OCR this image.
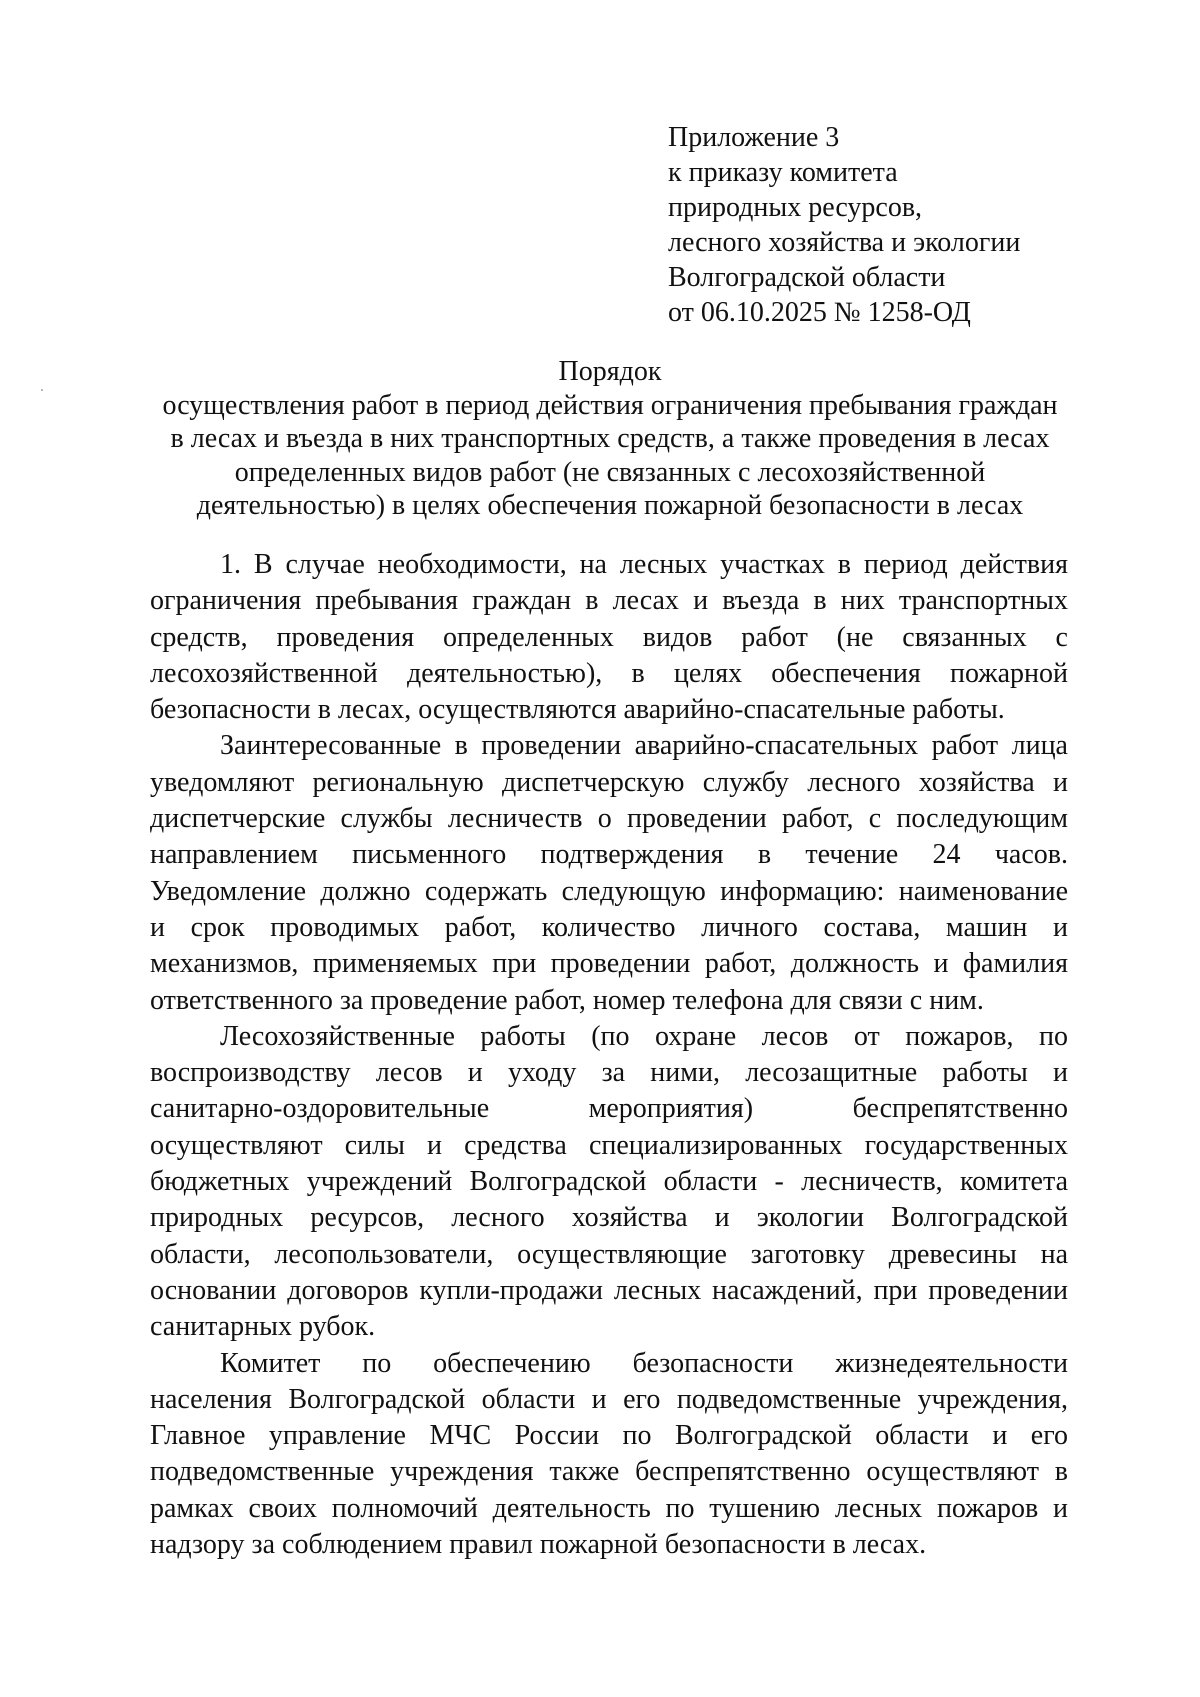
Приложение 3
к приказу комитета
природных ресурсов,
лесного хозяйства и экологии
Волгоградской области
от 06.10.2025 № 1258-ОД
Порядок
осуществления работ в период действия ограничения пребывания граждан
в лесах и въезда в них транспортных средств, а также проведения в лесах
определенных видов работ (не связанных с лесохозяйственной
деятельностью) в целях обеспечения пожарной безопасности в лесах
1. В случае необходимости, на лесных участках в период действия
ограничения пребывания граждан в лесах и въезда в них транспортных
средств, проведения определенных видов работ (не связанных с
лесохозяйственной деятельностью), в целях обеспечения пожарной
безопасности в лесах, осуществляются аварийно-спасательные работы.
Заинтересованные в проведении аварийно-спасательных работ лица
уведомляют региональную диспетчерскую службу лесного хозяйства и
диспетчерские службы лесничеств о проведении работ, с последующим
направлением письменного подтверждения в течение 24 часов.
Уведомление должно содержать следующую информацию: наименование
и срок проводимых работ, количество личного состава, машин и
механизмов, применяемых при проведении работ, должность и фамилия
ответственного за проведение работ, номер телефона для связи с ним.
Лесохозяйственные работы (по охране лесов от пожаров, по
воспроизводству лесов и уходу за ними, лесозащитные работы и
санитарно-оздоровительные мероприятия) беспрепятственно
осуществляют силы и средства специализированных государственных
бюджетных учреждений Волгоградской области - лесничеств, комитета
природных ресурсов, лесного хозяйства и экологии Волгоградской
области, лесопользователи, осуществляющие заготовку древесины на
основании договоров купли-продажи лесных насаждений, при проведении
санитарных рубок.
Комитет по обеспечению безопасности жизнедеятельности
населения Волгоградской области и его подведомственные учреждения,
Главное управление МЧС России по Волгоградской области и его
подведомственные учреждения также беспрепятственно осуществляют в
рамках своих полномочий деятельность по тушению лесных пожаров и
надзору за соблюдением правил пожарной безопасности в лесах.
